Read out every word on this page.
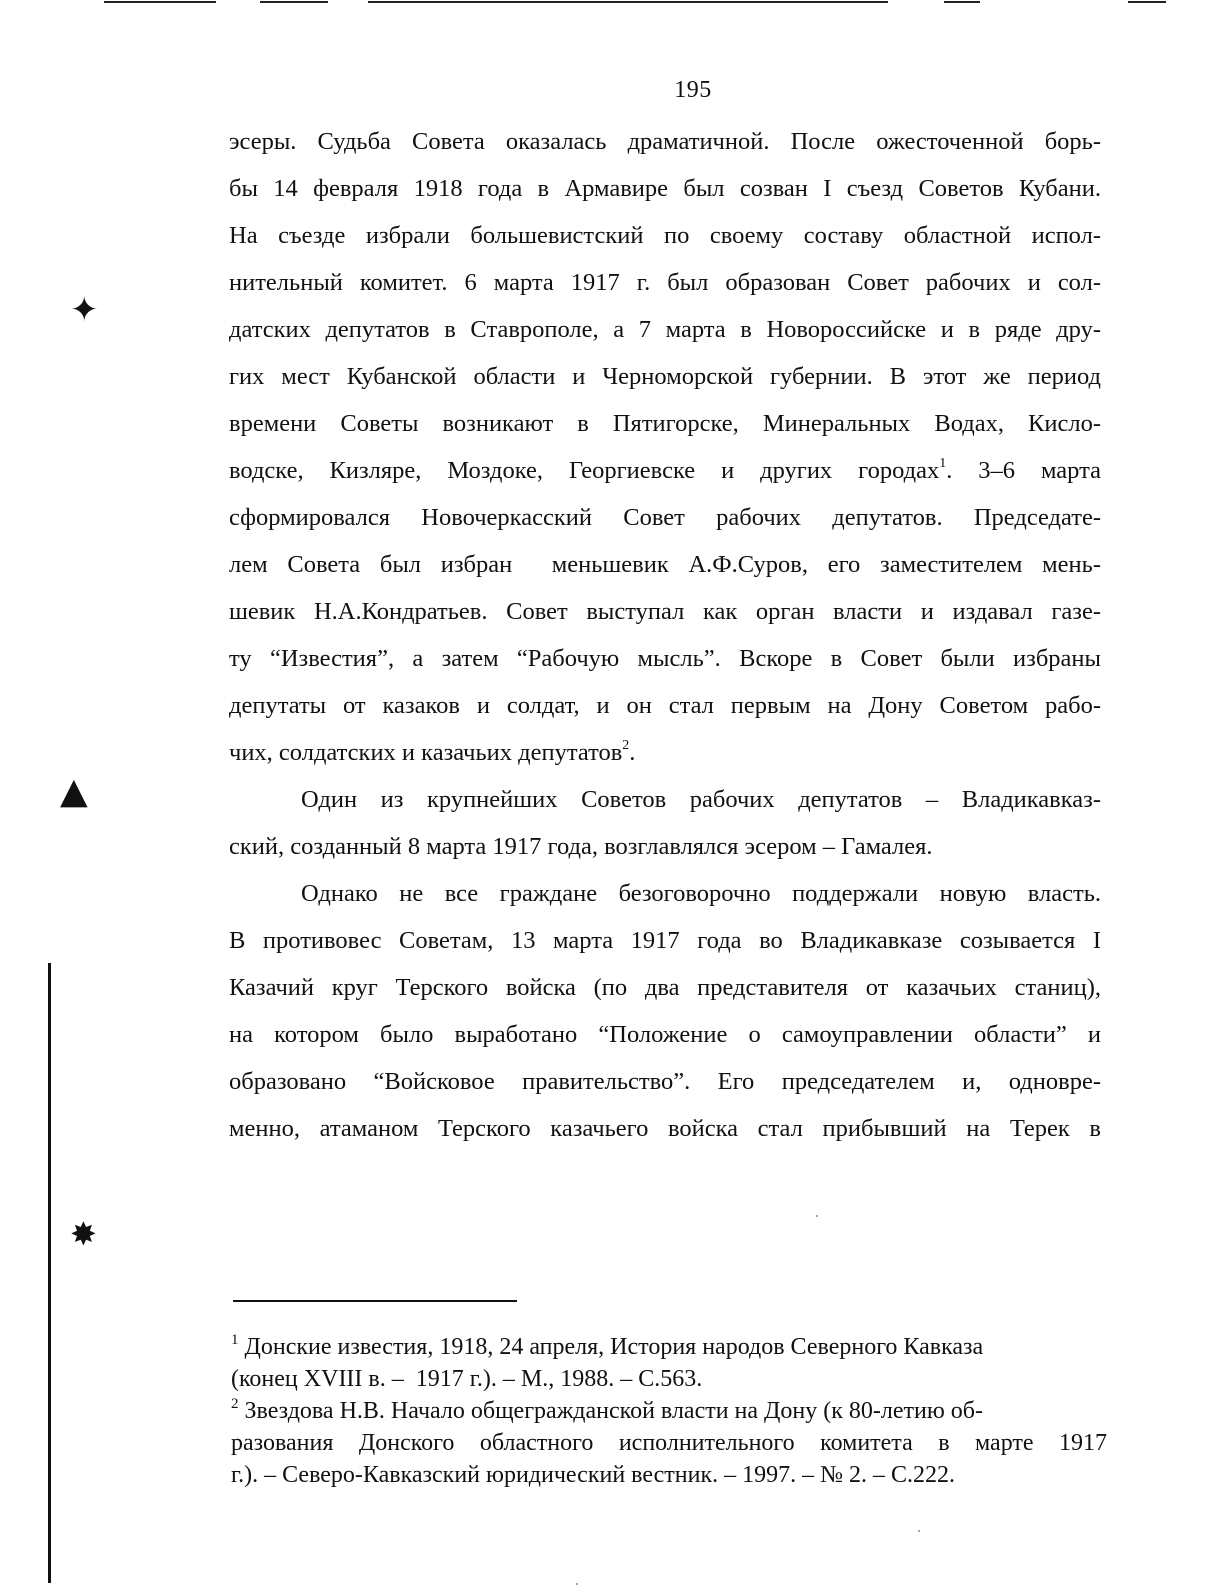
✦
▲
✸
195
эсеры. Судьба Совета оказалась драматичной. После ожесточенной борь-
бы 14 февраля 1918 года в Армавире был созван I съезд Советов Кубани.
На съезде избрали большевистский по своему составу областной испол-
нительный комитет. 6 марта 1917 г. был образован Совет рабочих и сол-
датских депутатов в Ставрополе, а 7 марта в Новороссийске и в ряде дру-
гих мест Кубанской области и Черноморской губернии. В этот же период
времени Советы возникают в Пятигорске, Минеральных Водах, Кисло-
водске, Кизляре, Моздоке, Георгиевске и других городах$^1$. 3–6 марта
сформировался Новочеркасский Совет рабочих депутатов. Председате-
лем Совета был избран  меньшевик А.Ф.Суров, его заместителем мень-
шевик Н.А.Кондратьев. Совет выступал как орган власти и издавал газе-
ту “Известия”, а затем “Рабочую мысль”. Вскоре в Совет были избраны
депутаты от казаков и солдат, и он стал первым на Дону Советом рабо-
чих, солдатских и казачьих депутатов$^2$.
Один из крупнейших Советов рабочих депутатов – Владикавказ-
ский, созданный 8 марта 1917 года, возглавлялся эсером – Гамалея.
Однако не все граждане безоговорочно поддержали новую власть.
В противовес Советам, 13 марта 1917 года во Владикавказе созывается I
Казачий круг Терского войска (по два представителя от казачьих станиц),
на котором было выработано “Положение о самоуправлении области” и
образовано “Войсковое правительство”. Его председателем и, одновре-
менно, атаманом Терского казачьего войска стал прибывший на Терек в
$^1$ Донские известия, 1918, 24 апреля, История народов Северного Кавказа
(конец XVIII в. –  1917 г.). – М., 1988. – С.563.
$^2$ Звездова Н.В. Начало общегражданской власти на Дону (к 80-летию об-
разования Донского областного исполнительного комитета в марте 1917
г.). – Северо-Кавказский юридический вестник. – 1997. – № 2. – С.222.
